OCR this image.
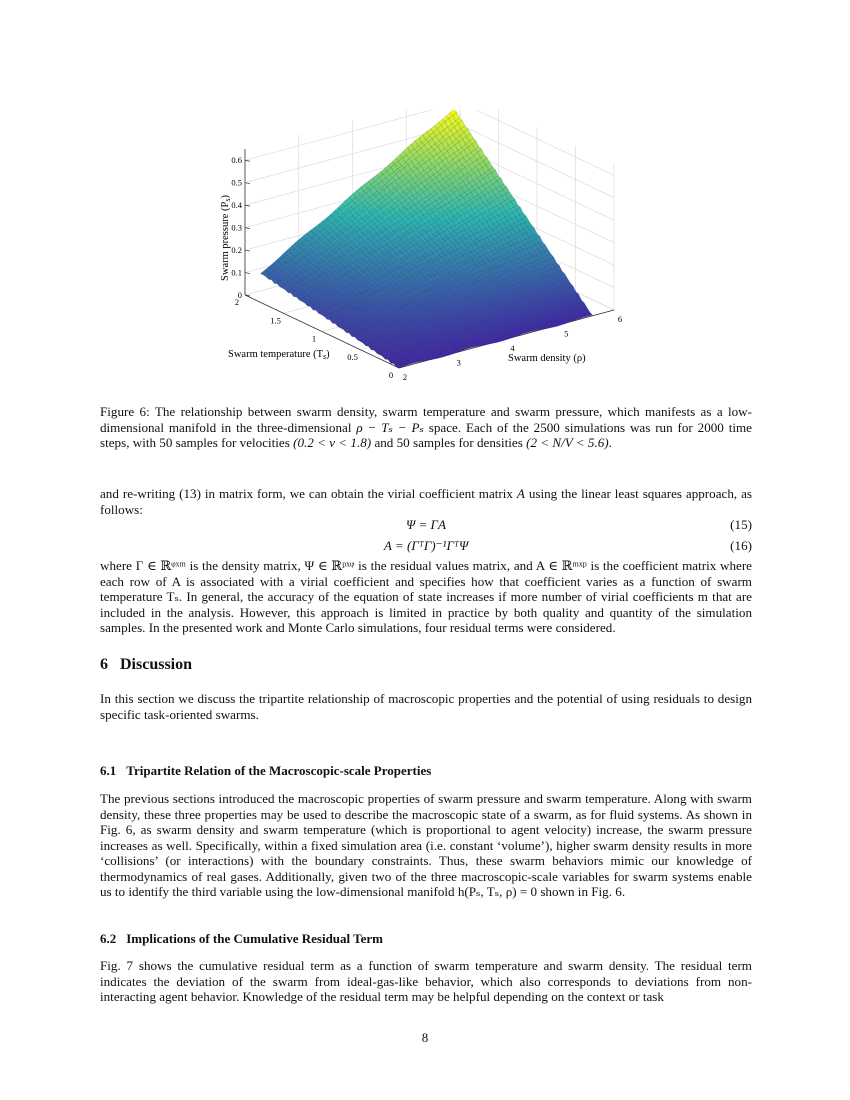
0
0.1
0.2
0.3
0.4
0.5
0.6
0
0.5
1
1.5
2
2
3
4
5
6
Swarm pressure (Ps)
Swarm temperature (Ts)	Swarm density (ρ)

Figure 6: The relationship between swarm density, swarm temperature and swarm pressure, which manifests as a low-dimensional manifold in the three-dimensional ρ − Tₛ − Pₛ space. Each of the 2500 simulations was run for 2000 time steps, with 50 samples for velocities (0.2 < v < 1.8) and 50 samples for densities (2 < N/V < 5.6).

and re-writing (13) in matrix form, we can obtain the virial coefficient matrix A using the linear least squares approach, as follows:

Ψ = ΓA	(15)
A = (ΓᵀΓ)⁻¹ΓᵀΨ	(16)

where Γ ∈ ℝᵠˣᵐ is the density matrix, Ψ ∈ ℝᵖˣᵠ is the residual values matrix, and A ∈ ℝᵐˣᵖ is the coefficient matrix where each row of A is associated with a virial coefficient and specifies how that coefficient varies as a function of swarm temperature Tₛ. In general, the accuracy of the equation of state increases if more number of virial coefficients m that are included in the analysis. However, this approach is limited in practice by both quality and quantity of the simulation samples. In the presented work and Monte Carlo simulations, four residual terms were considered.

6 Discussion

In this section we discuss the tripartite relationship of macroscopic properties and the potential of using residuals to design specific task-oriented swarms.

6.1 Tripartite Relation of the Macroscopic-scale Properties

The previous sections introduced the macroscopic properties of swarm pressure and swarm temperature. Along with swarm density, these three properties may be used to describe the macroscopic state of a swarm, as for fluid systems. As shown in Fig. 6, as swarm density and swarm temperature (which is proportional to agent velocity) increase, the swarm pressure increases as well. Specifically, within a fixed simulation area (i.e. constant ‘volume’), higher swarm density results in more ‘collisions’ (or interactions) with the boundary constraints. Thus, these swarm behaviors mimic our knowledge of thermodynamics of real gases. Additionally, given two of the three macroscopic-scale variables for swarm systems enable us to identify the third variable using the low-dimensional manifold h(Pₛ, Tₛ, ρ) = 0 shown in Fig. 6.

6.2 Implications of the Cumulative Residual Term

Fig. 7 shows the cumulative residual term as a function of swarm temperature and swarm density. The residual term indicates the deviation of the swarm from ideal-gas-like behavior, which also corresponds to deviations from non-interacting agent behavior. Knowledge of the residual term may be helpful depending on the context or task

8
